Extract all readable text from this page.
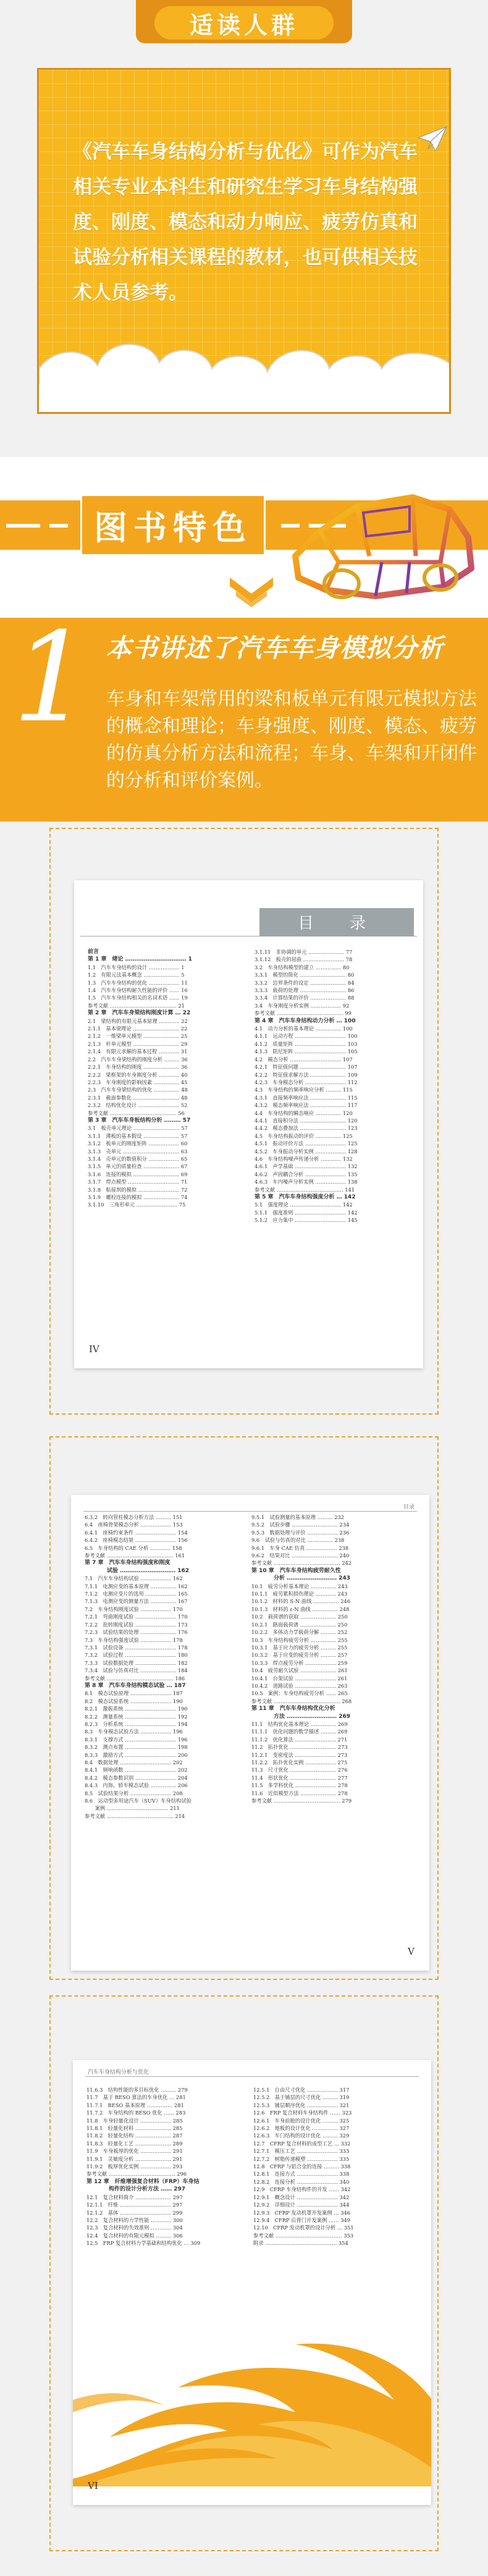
适读人群

《汽车车身结构分析与优化》可作为汽车相关专业本科生和研究生学习车身结构强度、刚度、模态和动力响应、疲劳仿真和试验分析相关课程的教材，也可供相关技术人员参考。

图书特色
1 本书讲述了汽车车身模拟分析

车身和车架常用的梁和板单元有限元模拟方法的概念和理论；车身强度、刚度、模态、疲劳的仿真分析方法和流程；车身、车架和开闭件的分析和评价案例。

目　录
前言
第 1 章　绪论 …………………………… 1
1.1　汽车车身结构的设计 ……………… 1
1.2　有限元法基本概念 ………………… 5
1.3　汽车车身结构的优化 ……………… 11
1.4　汽车车身结构耐久性能的评价 …… 16
1.5　汽车车身结构相关的名词术语 …… 19
参考文献 ………………………………… 21
第 2 章　汽车车身梁结构刚度计算 … 22
2.1　梁结构的有限元基本原理 ………… 22
2.1.1　基本梁理论 ……………………… 22
2.1.2　一维梁单元模型 ………………… 25
2.1.3　杆单元模型 ……………………… 29
2.1.4　有限元求解的基本过程 ………… 31
2.2　汽车车身梁结构的刚度分析 ……… 36
2.2.1　车身结构的刚度 ………………… 36
2.2.2　梁框架的车身刚度分析 ………… 40
2.2.3　车身刚度的影响因素 …………… 45
2.3　汽车车身梁结构的优化 …………… 48
2.3.1　截面参数化 ……………………… 48
2.3.2　结构优化设计 …………………… 52
参考文献 ………………………………… 56
第 3 章　汽车车身板结构分析 ……… 57
3.1　板壳单元理论 ……………………… 57
3.1.1　薄板的基本假设 ………………… 57
3.1.2　板单元的刚度矩阵 ……………… 60
3.1.3　壳单元 …………………………… 63
3.1.4　壳单元的数值积分 ……………… 65
3.1.5　单元的质量检查 ………………… 67
3.1.6　连接的模拟 ……………………… 69
3.1.7　焊点模型 ………………………… 71
3.1.8　粘接剂的模拟 …………………… 72
3.1.9　螺栓连接的模拟 ………………… 74
3.1.10　三角形单元 …………………… 75
3.1.11　非协调的单元 ………………… 77
3.1.12　板壳的屈曲 …………………… 78
3.2　车身结构模型的建立 …………… 80
3.3.1　模型的简化 ……………………… 80
3.3.2　边界条件的设定 ………………… 84
3.3.3　载荷的处理 ……………………… 86
3.3.4　计算结果的评价 ………………… 88
3.4　车身刚度分析实例 ……………… 92
参考文献 ………………………………… 99
第 4 章　汽车车身结构动力分析 … 100
4.1　动力分析的基本理论 …………… 100
4.1.1　运动方程 ………………………… 100
4.1.2　质量矩阵 ………………………… 103
4.1.3　阻尼矩阵 ………………………… 105
4.2　模态分析 ………………………… 107
4.2.1　特征值问题 ……………………… 107
4.2.2　特征值求解方法 ………………… 109
4.2.3　车身模态分析 …………………… 112
4.3　车身结构的频率响应分析 ……… 115
4.3.1　直接频率响应法 ………………… 115
4.3.2　模态频率响应法 ………………… 117
4.4　车身结构的瞬态响应 …………… 120
4.4.1　直接积分法 ……………………… 120
4.4.2　模态叠加法 ……………………… 123
4.5　车身结构振动的评价 …………… 125
4.5.1　振动评价方法 …………………… 125
4.5.2　车身振动分析实例 ……………… 128
4.6　车身结构噪声传递分析 ………… 132
4.6.1　声学基础 ………………………… 132
4.6.2　声固耦合分析 …………………… 135
4.6.3　车内噪声分析实例 ……………… 138
参考文献 ………………………………… 141
第 5 章　汽车车身结构强度分析 … 142
5.1　强度理论 ………………………… 142
5.1.1　强度准则 ………………………… 142
5.1.2　应力集中 ………………………… 145
IV
目录
6.3.2　转向管柱模态分析方法 ……… 151
6.4　座椅骨架模态分析 ……………… 153
6.4.1　座椅约束条件 …………………… 154
6.4.2　座椅模态结果 …………………… 156
6.5　车身结构的 CAE 分析 ………… 158
参考文献 ………………………………… 161
第 7 章　汽车车身结构强度和刚度
　　　　试验 ………………………… 162
7.1　汽车车身结构试验 ……………… 162
7.1.1　电测应变的基本原理 …………… 162
7.1.2　电测应变片的选用 ……………… 165
7.1.3　电测应变的测量方法 …………… 167
7.2　车身结构刚度试验 ……………… 170
7.2.1　弯曲刚度试验 …………………… 170
7.2.2　扭转刚度试验 …………………… 173
7.2.3　试验结果的处理 ………………… 176
7.3　车身结构强度试验 ……………… 178
7.3.1　试验设备 ………………………… 178
7.3.2　试验过程 ………………………… 180
7.3.3　试验数据处理 …………………… 182
7.3.4　试验与仿真对比 ………………… 184
参考文献 ………………………………… 186
第 8 章　汽车车身结构模态试验 … 187
8.1　模态试验原理 …………………… 187
8.2　模态试验系统 …………………… 190
8.2.1　激振系统 ………………………… 190
8.2.2　测量系统 ………………………… 192
8.2.3　分析系统 ………………………… 194
8.3　车身模态试验方法 ……………… 196
8.3.1　支撑方式 ………………………… 196
8.3.2　测点布置 ………………………… 198
8.3.3　激励方式 ………………………… 200
8.4　数据处理 ………………………… 202
8.4.1　频响函数 ………………………… 202
8.4.2　模态参数识别 …………………… 204
8.4.3　内饰、轿车模态试验 …………… 206
8.5　试验结果分析 …………………… 208
8.6　运动型多用途汽车（SUV）车身结构试验
　　案例 ……………………………… 211
参考文献 ………………………………… 214
9.5.1　试验测量的基本原理 ……… 232
9.5.2　试验步骤 ……………………… 234
9.5.3　数据处理与评价 ……………… 236
9.6　试验与仿真的对比 …………… 238
9.6.1　车身 CAE 仿真 ……………… 238
9.6.2　结果对比 ……………………… 240
参考文献 ………………………………… 242
第 10 章　汽车车身结构疲劳耐久性
　　　　分析 ……………………… 243
10.1　疲劳分析基本理论 …………… 243
10.1.1　疲劳累积损伤理论 ………… 243
10.1.2　材料的 S-N 曲线 …………… 246
10.1.3　材料的 ε-N 曲线 …………… 248
10.2　载荷谱的获取 ………………… 250
10.2.1　路面载荷谱 ………………… 250
10.2.2　多体动力学载荷分解 ……… 252
10.3　车身结构疲劳分析 …………… 255
10.3.1　基于应力的疲劳分析 ……… 255
10.3.2　基于应变的疲劳分析 ……… 257
10.3.3　焊点疲劳分析 ……………… 259
10.4　疲劳耐久试验 ………………… 261
10.4.1　台架试验 …………………… 261
10.4.2　道路试验 …………………… 263
10.5　案例：车身结构疲劳分析 …… 265
参考文献 ………………………………… 268
第 11 章　汽车车身结构优化分析
　　　　方法 ……………………… 269
11.1　结构优化基本理论 …………… 269
11.1.1　优化问题的数学描述 ……… 269
11.1.2　优化算法 …………………… 271
11.2　拓扑优化 ……………………… 273
11.2.1　变密度法 …………………… 273
11.2.2　拓扑优化实例 ……………… 275
11.3　尺寸优化 ……………………… 276
11.4　形状优化 ……………………… 277
11.5　多学科优化 …………………… 278
11.6　近似模型方法 ………………… 278
参考文献 ………………………………… 279
V
汽车车身结构分析与优化
11.6.3　结构性能的多目标优化 ……… 279
11.7　基于 BESO 算法的车身优化 … 281
11.7.1　BESO 基本原理 …………… 281
11.7.2　车身结构的 BESO 优化 …… 283
11.8　车身轻量化设计 ……………… 285
11.8.1　轻量化材料 ………………… 285
11.8.2　轻量化结构 ………………… 287
11.8.3　轻量化工艺 ………………… 289
11.9　车身板厚的优化 ……………… 291
11.9.1　灵敏度分析 ………………… 291
11.9.2　板厚优化实例 ……………… 293
参考文献 ………………………………… 296
第 12 章　纤维增强复合材料（FRP）车身结
　　　　构件的设计分析方法 …… 297
12.1　复合材料简介 ………………… 297
12.1.1　纤维 ………………………… 297
12.1.2　基体 ………………………… 299
12.2　复合材料的力学性能 ………… 300
12.3　复合材料的失效准则 ………… 304
12.4　复合材料的有限元模拟 ……… 306
12.5　FRP 复合材料力学基础和结构优化 … 309
12.5.1　自由尺寸优化 ……………… 317
12.5.2　基于铺层的尺寸优化 ……… 319
12.5.3　铺层顺序优化 ……………… 321
12.6　FRP 复合材料车身结构件 …… 323
12.6.1　车身前舱的设计优化 ……… 325
12.6.2　地板的设计优化 …………… 327
12.6.3　车门结构的设计优化 ……… 329
12.7　CFRP 复合材料的成型工艺 … 332
12.7.1　模压工艺 …………………… 333
12.7.2　树脂传递模塑 ……………… 335
12.8　CFRP 与铝合金的连接 ……… 338
12.8.1　连接方式 …………………… 338
12.8.2　连接分析 …………………… 340
12.9　CFRP 车身结构件的开发 …… 342
12.9.1　概念设计 …………………… 342
12.9.2　详细设计 …………………… 344
12.9.3　CFRP 发动机罩开发案例 … 346
12.9.4　CFRP 后背门开发案例 …… 349
12.10　CFRP 发动机罩的设计分析 … 351
参考文献 ………………………………… 353
附录 …………………………………… 354
VI
